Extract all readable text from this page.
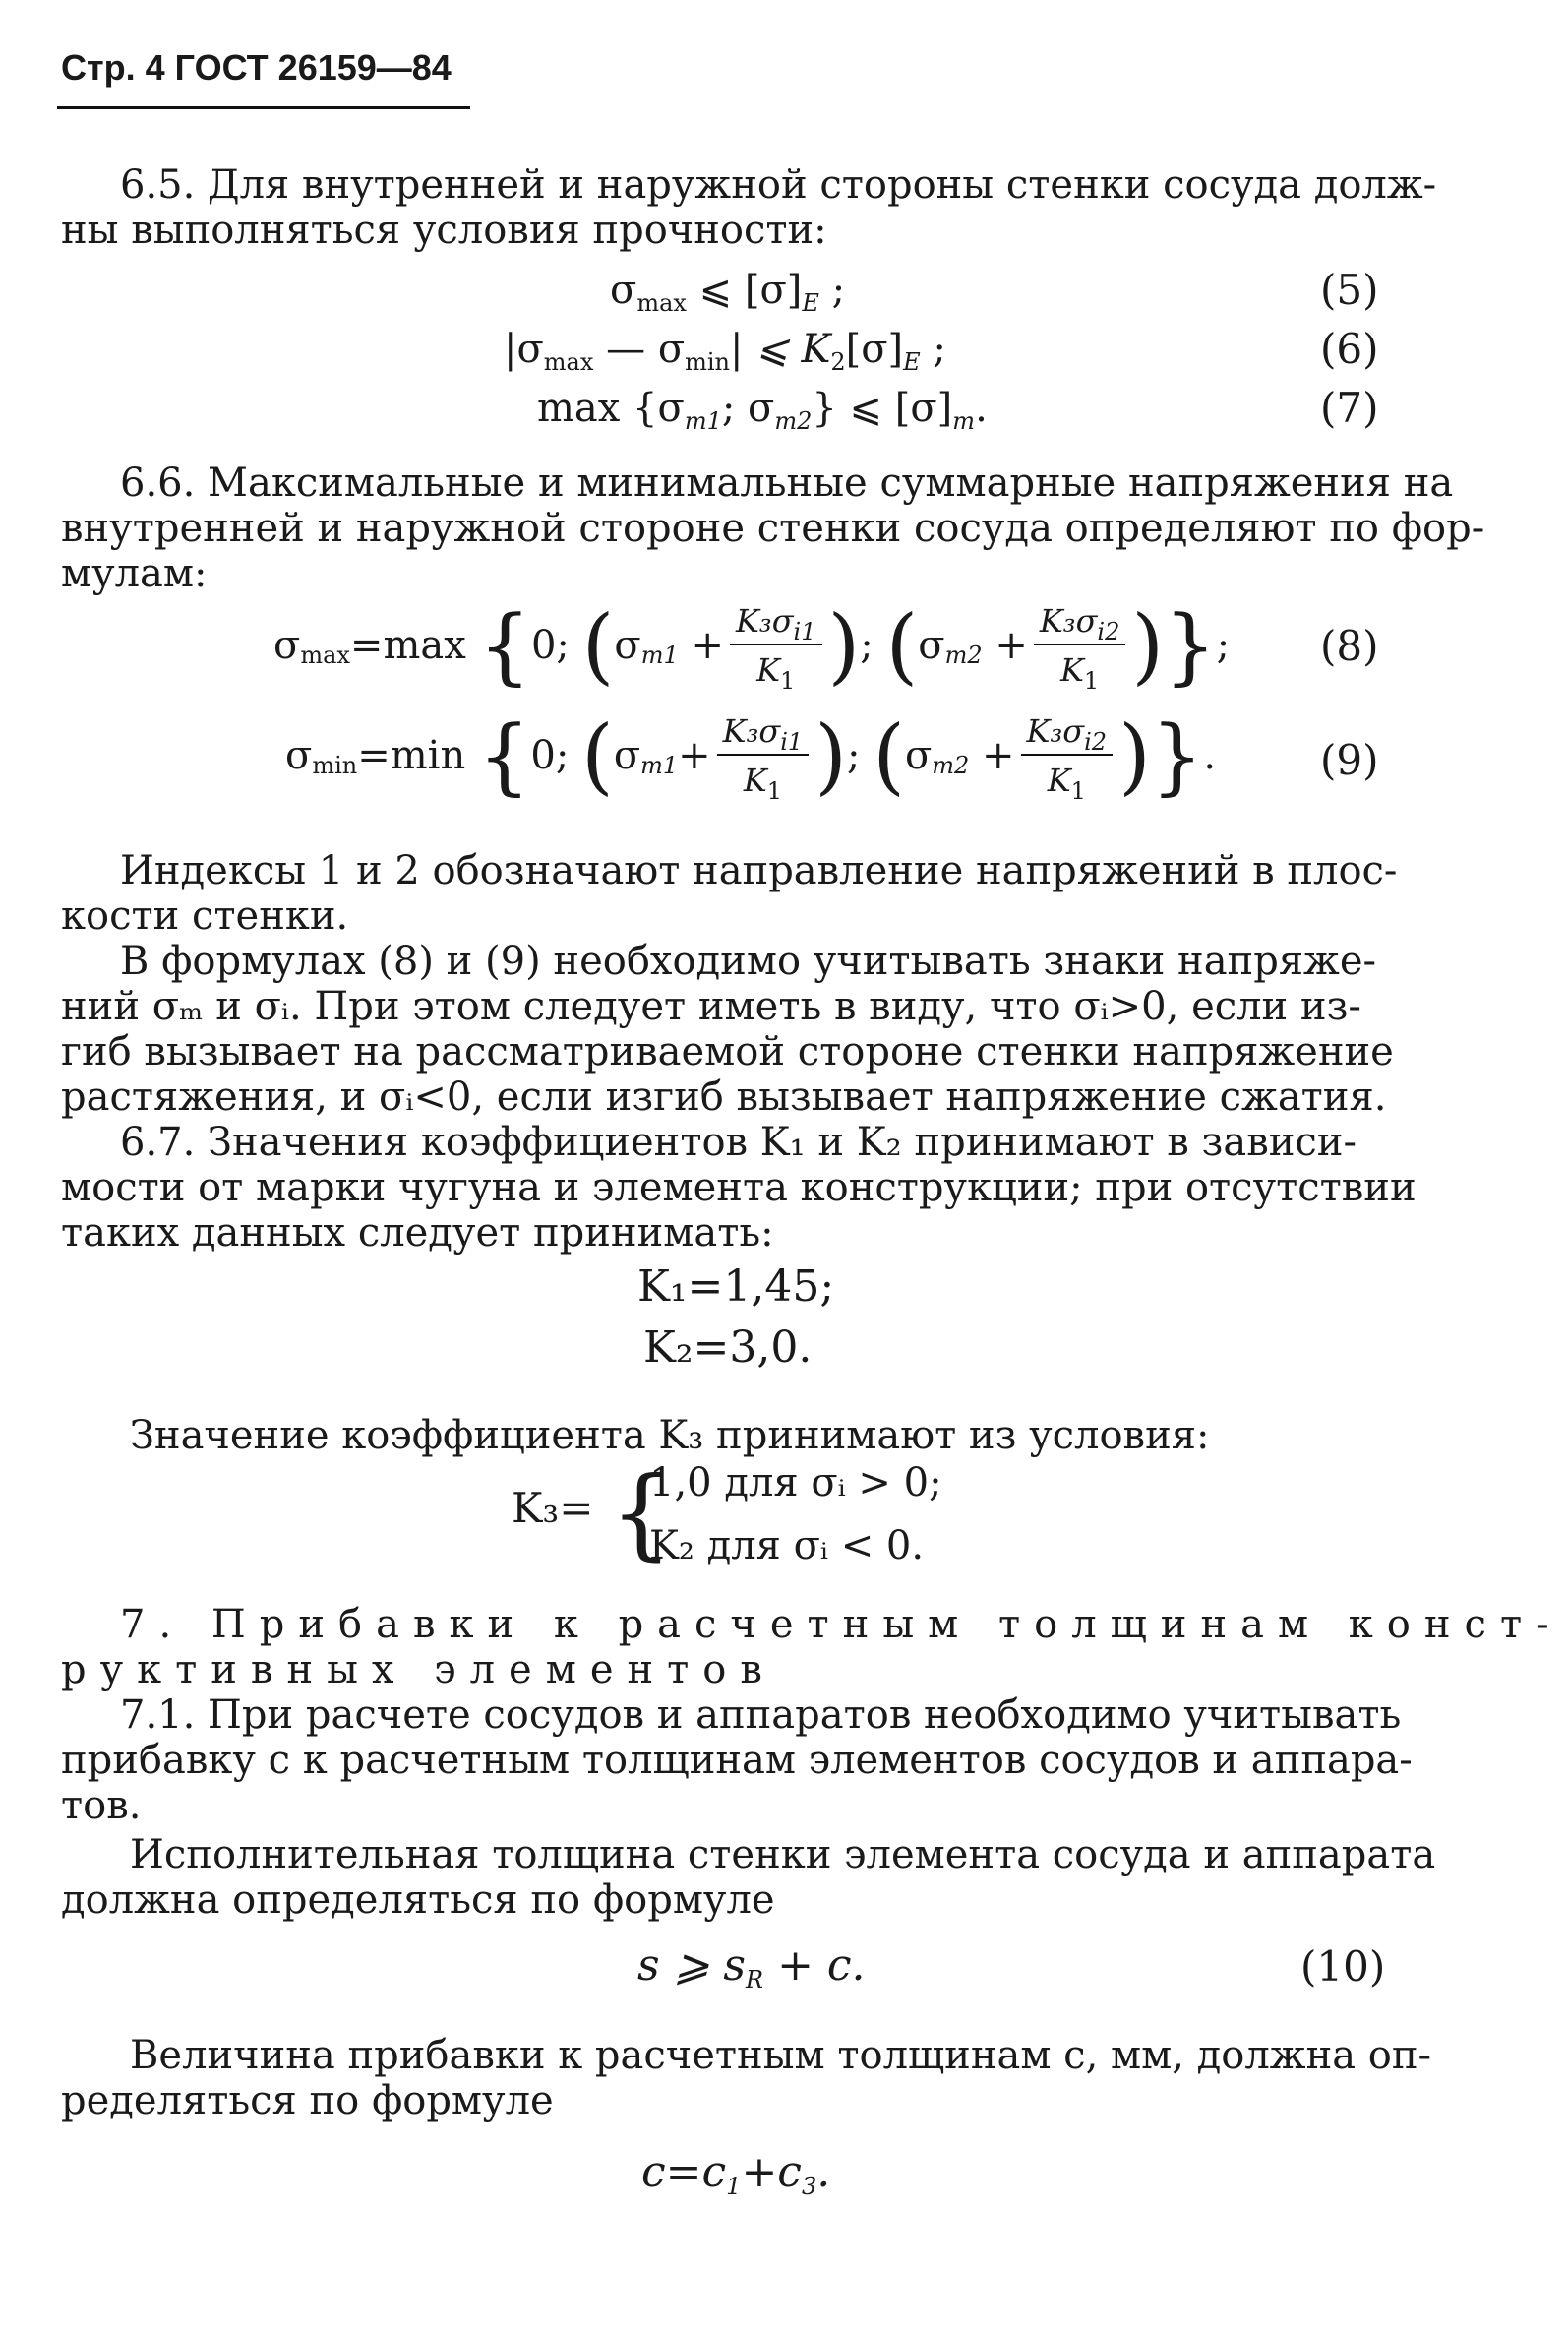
Стр. 4 ГОСТ 26159—84
6.5. Для внутренней и наружной стороны стенки сосуда долж-
ны выполняться условия прочности:
$\sigma_{max}$ ⩽ $[\sigma]_E$ ;	(5)
$|\sigma_{max}$ — $\sigma_{min}|$ ⩽ $K_2[\sigma]_E$ ;	(6)
$\max \{\sigma_{m1}$; $\sigma_{m2}$} ⩽ $[\sigma]_m$.	(7)
6.6. Максимальные и минимальные суммарные напряжения на
внутренней и наружной стороне стенки сосуда определяют по фор-
мулам:
$\sigma_{max}=\max$ {0; ($\sigma_{m1} + \frac{K_3\sigma_{i1}}{K_1}$ ); ($\sigma_{m2} + \frac{K_3\sigma_{i2}}{K_1}$ )}; (8)
$\sigma_{min}=\min$ {0; ($\sigma_{m1}+ \frac{K_3\sigma_{i1}}{K_1}$ ); ($\sigma_{m2} + \frac{K_3\sigma_{i2}}{K_1}$ )}.	(9)
Индексы 1 и 2 обозначают направление напряжений в плос-
кости стенки.
В формулах (8) и (9) необходимо учитывать знаки напряже-
ний σₘ и σᵢ. При этом следует иметь в виду, что σᵢ>0, если из-
гиб вызывает на рассматриваемой стороне стенки напряжение
растяжения, и σᵢ<0, если изгиб вызывает напряжение сжатия.
6.7. Значения коэффициентов K₁ и K₂ принимают в зависи-
мости от марки чугуна и элемента конструкции; при отсутствии
таких данных следует принимать:
K₁=1,45;
K₂=3,0.
Значение коэффициента K₃ принимают из условия:
K₃= {
1,0 для σᵢ > 0;
K₂ для σᵢ < 0.
7. Прибавки к расчетным толщинам конст-
руктивных элементов
7.1. При расчете сосудов и аппаратов необходимо учитывать
прибавку c к расчетным толщинам элементов сосудов и аппара-
тов.
Исполнительная толщина стенки элемента сосуда и аппарата
должна определяться по формуле
s ⩾ $s_R + c$.	(10)
Величина прибавки к расчетным толщинам c, мм, должна оп-
ределяться по формуле
$c=c_1+c_3$.
